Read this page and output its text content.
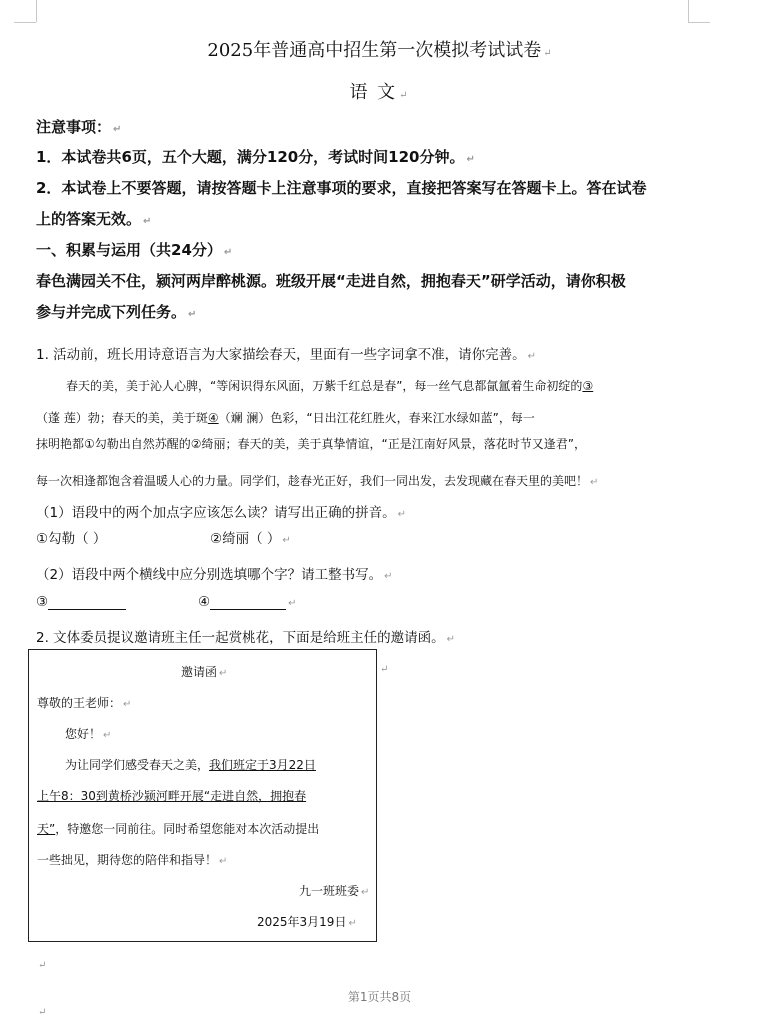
2025年普通高中招生第一次模拟考试试卷 ↵
语 文 ↵
注意事项： ↵
1．本试卷共6页，五个大题，满分120分，考试时间120分钟。 ↵
2．本试卷上不要答题，请按答题卡上注意事项的要求，直接把答案写在答题卡上。答在试卷
上的答案无效。 ↵
一、积累与运用（共24分） ↵
春色满园关不住，颍河两岸醉桃源。班级开展“走进自然，拥抱春天”研学活动，请你积极
参与并完成下列任务。 ↵
1. 活动前，班长用诗意语言为大家描绘春天，里面有一些字词拿不准，请你完善。 ↵
春天的美，美于沁人心脾，“等闲识得东风面，万紫千红总是春”，每一丝气息都氤氲着生命初绽的③
（蓬 莲）勃；春天的美，美于斑④（斓 澜）色彩，“日出江花红胜火，春来江水绿如蓝”，每一
抹明艳都①勾勒出自然苏醒的②绮丽；春天的美，美于真挚情谊，“正是江南好风景，落花时节又逢君”，
每一次相逢都饱含着温暖人心的力量。同学们，趁春光正好，我们一同出发，去发现藏在春天里的美吧！ ↵
（1）语段中的两个加点字应该怎么读？请写出正确的拼音。 ↵
①勾勒（ ）	②绮丽（ ） ↵
（2）语段中两个横线中应分别选填哪个字？请工整书写。 ↵
③	④	↵
2. 文体委员提议邀请班主任一起赏桃花，下面是给班主任的邀请函。 ↵
邀请函 ↵
尊敬的王老师： ↵
您好！ ↵
为让同学们感受春天之美，我们班定于3月22日
上午8：30到黄桥沙颍河畔开展“走进自然，拥抱春
天”，特邀您一同前往。同时希望您能对本次活动提出
一些拙见，期待您的陪伴和指导！ ↵
九一班班委 ↵
2025年3月19日 ↵
↵
↵
第1页共8页
↵
